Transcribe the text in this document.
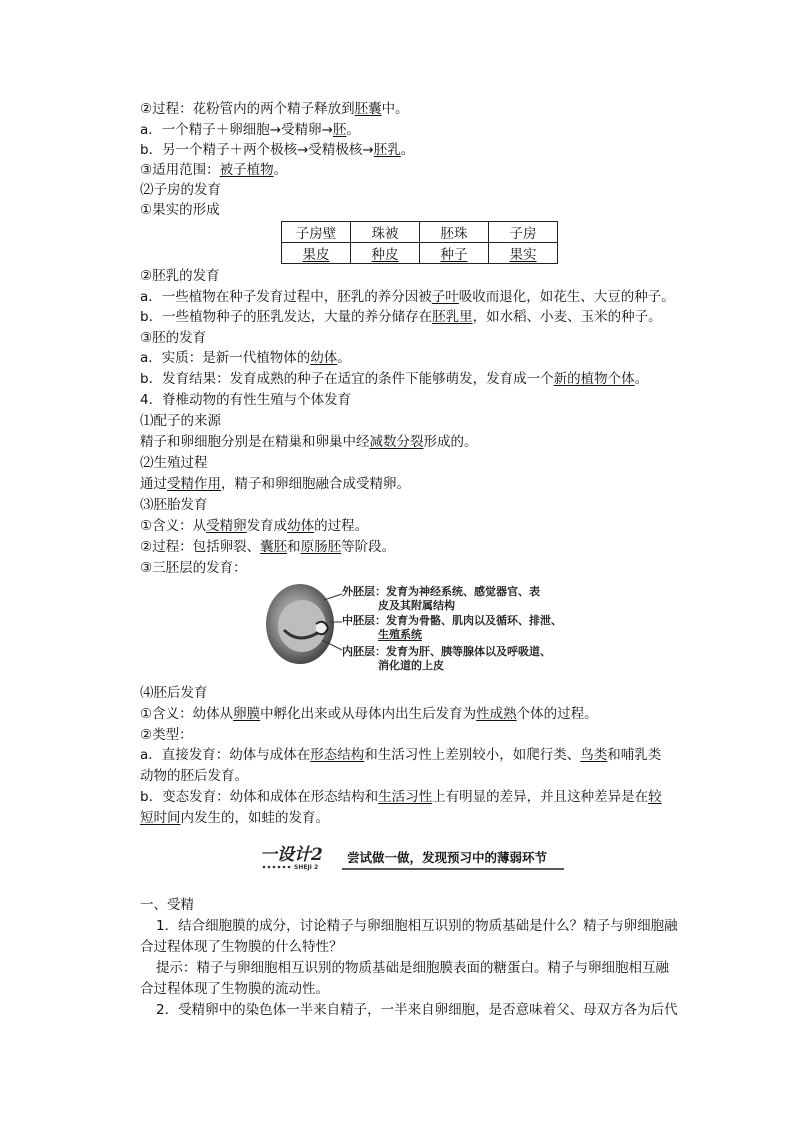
②过程：花粉管内的两个精子释放到胚囊中。
a．一个精子＋卵细胞→受精卵→胚。
b．另一个精子＋两个极核→受精极核→胚乳。
③适用范围：被子植物。
⑵子房的发育
①果实的形成
子房壁	珠被	胚珠	子房
果皮	种皮	种子	果实
②胚乳的发育
a．一些植物在种子发育过程中，胚乳的养分因被子叶吸收而退化，如花生、大豆的种子。
b．一些植物种子的胚乳发达，大量的养分储存在胚乳里，如水稻、小麦、玉米的种子。
③胚的发育
a．实质：是新一代植物体的幼体。
b．发育结果：发育成熟的种子在适宜的条件下能够萌发，发育成一个新的植物个体。
4．脊椎动物的有性生殖与个体发育
⑴配子的来源
精子和卵细胞分别是在精巢和卵巢中经减数分裂形成的。
⑵生殖过程
通过受精作用，精子和卵细胞融合成受精卵。
⑶胚胎发育
①含义：从受精卵发育成幼体的过程。
②过程：包括卵裂、囊胚和原肠胚等阶段。
③三胚层的发育：
外胚层：发育为神经系统、感觉器官、表
皮及其附属结构
中胚层：发育为骨骼、肌肉以及循环、排泄、
生殖系统
内胚层：发育为肝、胰等腺体以及呼吸道、
消化道的上皮
⑷胚后发育
①含义：幼体从卵膜中孵化出来或从母体内出生后发育为性成熟个体的过程。
②类型：
a．直接发育：幼体与成体在形态结构和生活习性上差别较小，如爬行类、鸟类和哺乳类
动物的胚后发育。
b．变态发育：幼体和成体在形态结构和生活习性上有明显的差异，并且这种差异是在较
短时间内发生的，如蛙的发育。
一设计2
SHEJI 2
尝试做一做，发现预习中的薄弱环节
一、受精
1．结合细胞膜的成分，讨论精子与卵细胞相互识别的物质基础是什么？精子与卵细胞融
合过程体现了生物膜的什么特性？
提示：精子与卵细胞相互识别的物质基础是细胞膜表面的糖蛋白。精子与卵细胞相互融
合过程体现了生物膜的流动性。
2．受精卵中的染色体一半来自精子，一半来自卵细胞，是否意味着父、母双方各为后代
